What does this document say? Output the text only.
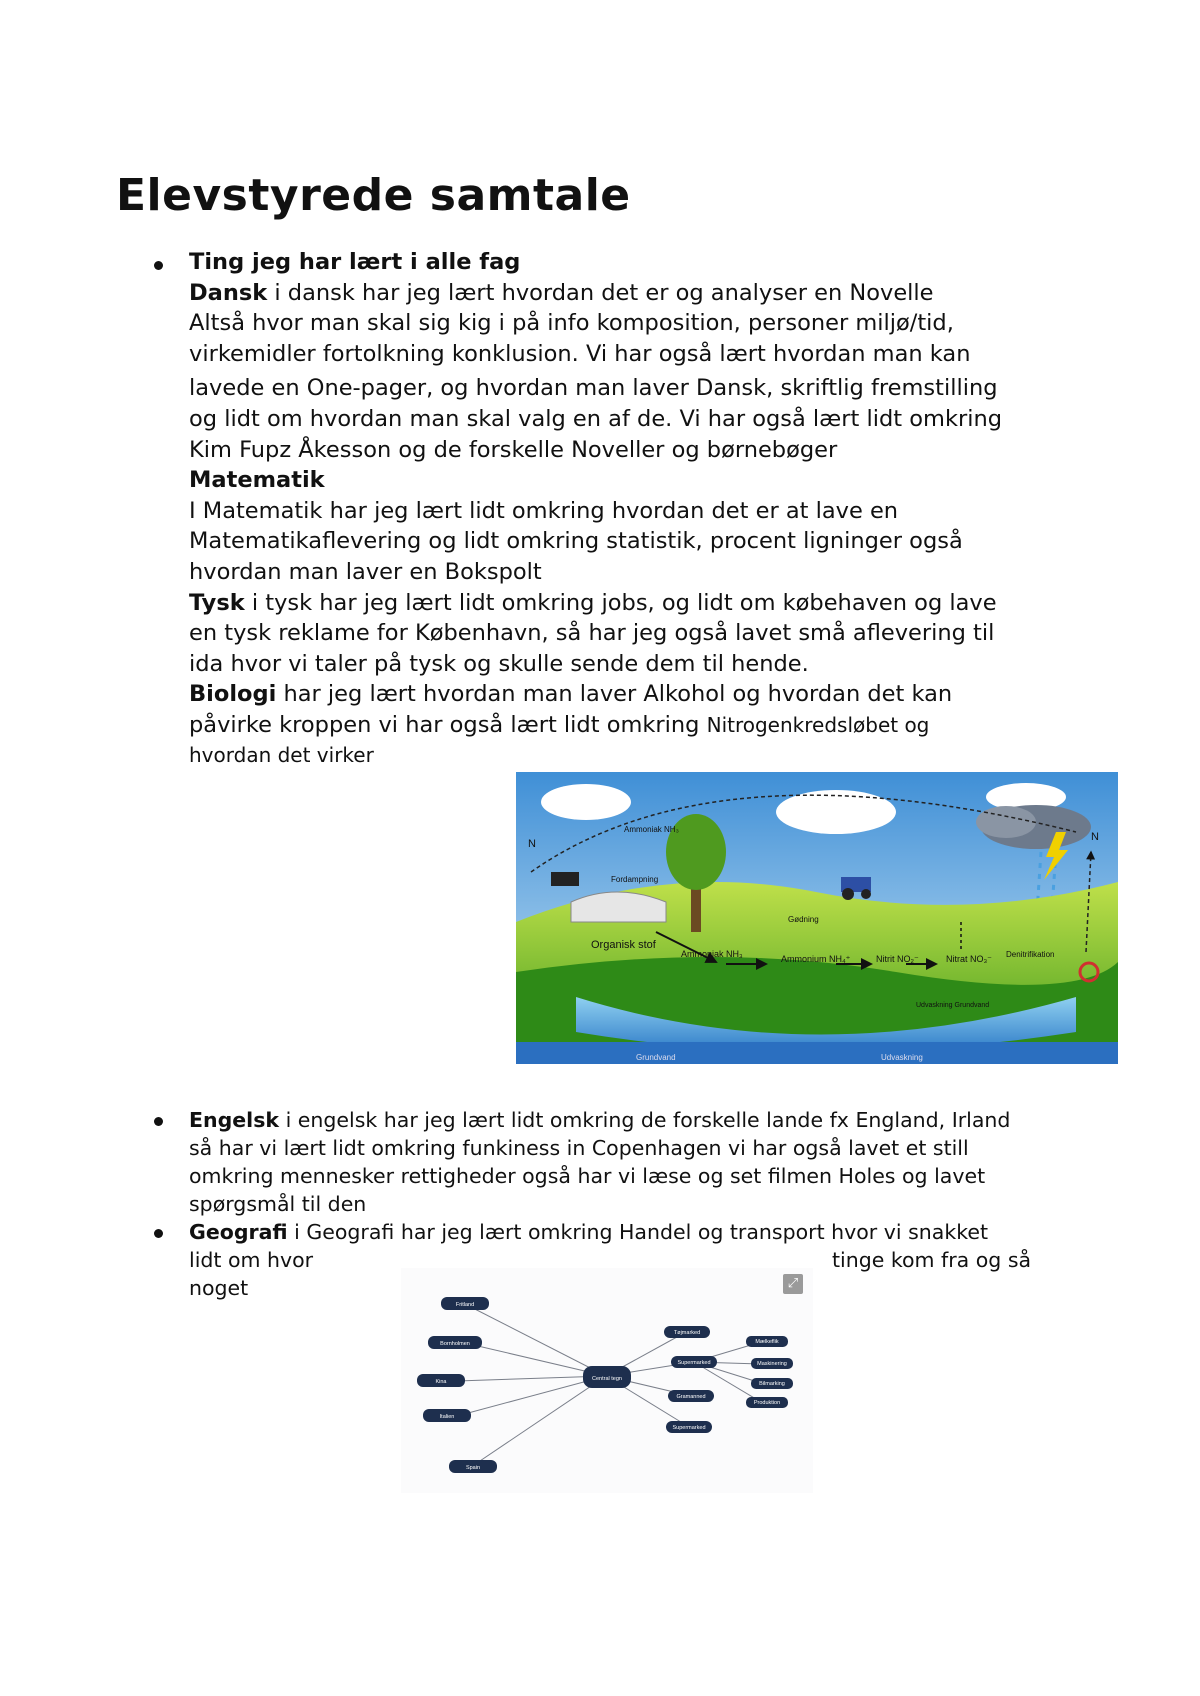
Elevstyrede samtale

Ting jeg har lært i alle fag

Dansk i dansk har jeg lært hvordan det er og analyser en Novelle

Altså hvor man skal sig kig i på info komposition, personer miljø/tid,

virkemidler fortolkning konklusion. Vi har også lært hvordan man kan

lavede en One-pager, og hvordan man laver Dansk, skriftlig fremstilling

og lidt om hvordan man skal valg en af de. Vi har også lært lidt omkring

Kim Fupz Åkesson og de forskelle Noveller og børnebøger

Matematik

I Matematik har jeg lært lidt omkring hvordan det er at lave en

Matematikaflevering og lidt omkring statistik, procent ligninger også

hvordan man laver en Bokspolt

Tysk i tysk har jeg lært lidt omkring jobs, og lidt om købehaven og lave

en tysk reklame for København, så har jeg også lavet små aflevering til

ida hvor vi taler på tysk og skulle sende dem til hende.

Biologi har jeg lært hvordan man laver Alkohol og hvordan det kan

påvirke kroppen vi har også lært lidt omkring Nitrogenkredsløbet og

hvordan det virker

N
N
Ammoniak NH₃
Fordampning
Organisk stof
Ammoniak NH₃	Ammonium NH₄⁺	Nitrit NO₂⁻	Nitrat NO₃⁻ Denitrifikation
Gødning
Udvaskning Grundvand
Grundvand	Udvaskning

Engelsk i engelsk har jeg lært lidt omkring de forskelle lande fx England, Irland

så har vi lært lidt omkring funkiness in Copenhagen vi har også lavet et still

omkring mennesker rettigheder også har vi læse og set filmen Holes og lavet

spørgsmål til den

Geografi i Geografi har jeg lært omkring Handel og transport hvor vi snakket

lidt om hvor	tinge kom fra og så

noget	⤢
Fritland
Bornholmen
Kina
Italien
Spain
Central tegn
Tøjmarked
Supermarked
Gramanned
Supermarked
Mælkeflik
Maskinering
Bilmarking
Produktion
